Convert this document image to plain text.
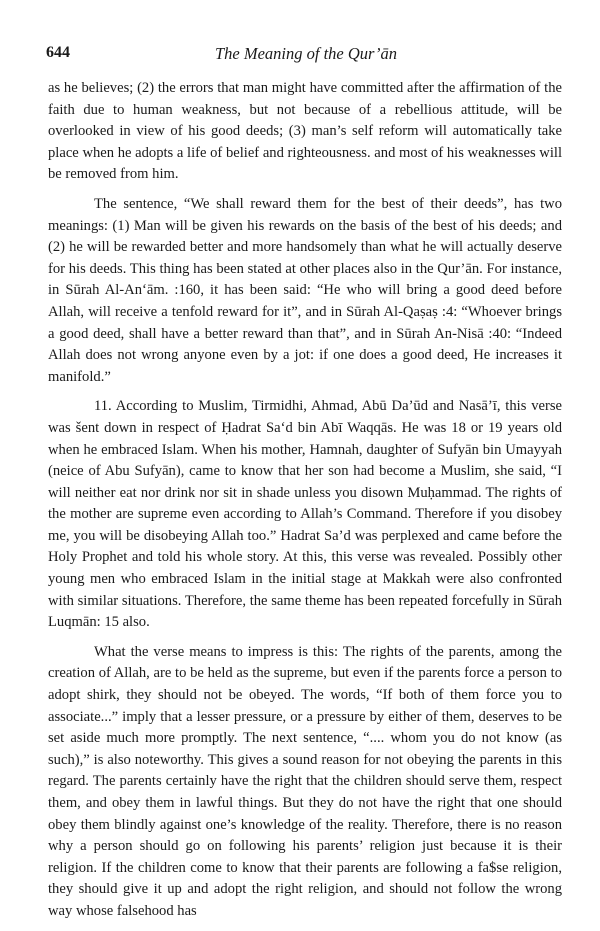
644	The Meaning of the Qur’ān

as he believes; (2) the errors that man might have committed after the affirmation of the faith due to human weakness, but not because of a rebellious attitude, will be overlooked in view of his good deeds; (3) man’s self reform will automatically take place when he adopts a life of belief and righteousness. and most of his weaknesses will be removed from him.

The sentence, “We shall reward them for the best of their deeds”, has two meanings: (1) Man will be given his rewards on the basis of the best of his deeds; and (2) he will be rewarded better and more handsomely than what he will actually deserve for his deeds. This thing has been stated at other places also in the Qur’ān. For instance, in Sūrah Al-An‘ām. :160, it has been said: “He who will bring a good deed before Allah, will receive a tenfold reward for it”, and in Sūrah Al-Qaṣaṣ :4: “Whoever brings a good deed, shall have a better reward than that”, and in Sūrah An-Nisā :40: “Indeed Allah does not wrong anyone even by a jot: if one does a good deed, He increases it manifold.”

11. According to Muslim, Tirmidhi, Ahmad, Abū Da’ūd and Nasā’ī, this verse was šent down in respect of Ḥadrat Sa‘d bin Abī Waqqās. He was 18 or 19 years old when he embraced Islam. When his mother, Hamnah, daughter of Sufyān bin Umayyah (neice of Abu Sufyān), came to know that her son had become a Muslim, she said, “I will neither eat nor drink nor sit in shade unless you disown Muḥammad. The rights of the mother are supreme even according to Allah’s Command. Therefore if you disobey me, you will be disobeying Allah too.” Hadrat Sa’d was perplexed and came before the Holy Prophet and told his whole story. At this, this verse was revealed. Possibly other young men who embraced Islam in the initial stage at Makkah were also confronted with similar situations. Therefore, the same theme has been repeated forcefully in Sūrah Luqmān: 15 also.

What the verse means to impress is this: The rights of the parents, among the creation of Allah, are to be held as the supreme, but even if the parents force a person to adopt shirk, they should not be obeyed. The words, “If both of them force you to associate...” imply that a lesser pressure, or a pressure by either of them, deserves to be set aside much more promptly. The next sentence, “.... whom you do not know (as such),” is also noteworthy. This gives a sound reason for not obeying the parents in this regard. The parents certainly have the right that the children should serve them, respect them, and obey them in lawful things. But they do not have the right that one should obey them blindly against one’s knowledge of the reality. Therefore, there is no reason why a person should go on following his parents’ religion just because it is their religion. If the children come to know that their parents are following a fa$se religion, they should give it up and adopt the right religion, and should not follow the wrong way whose falsehood has
